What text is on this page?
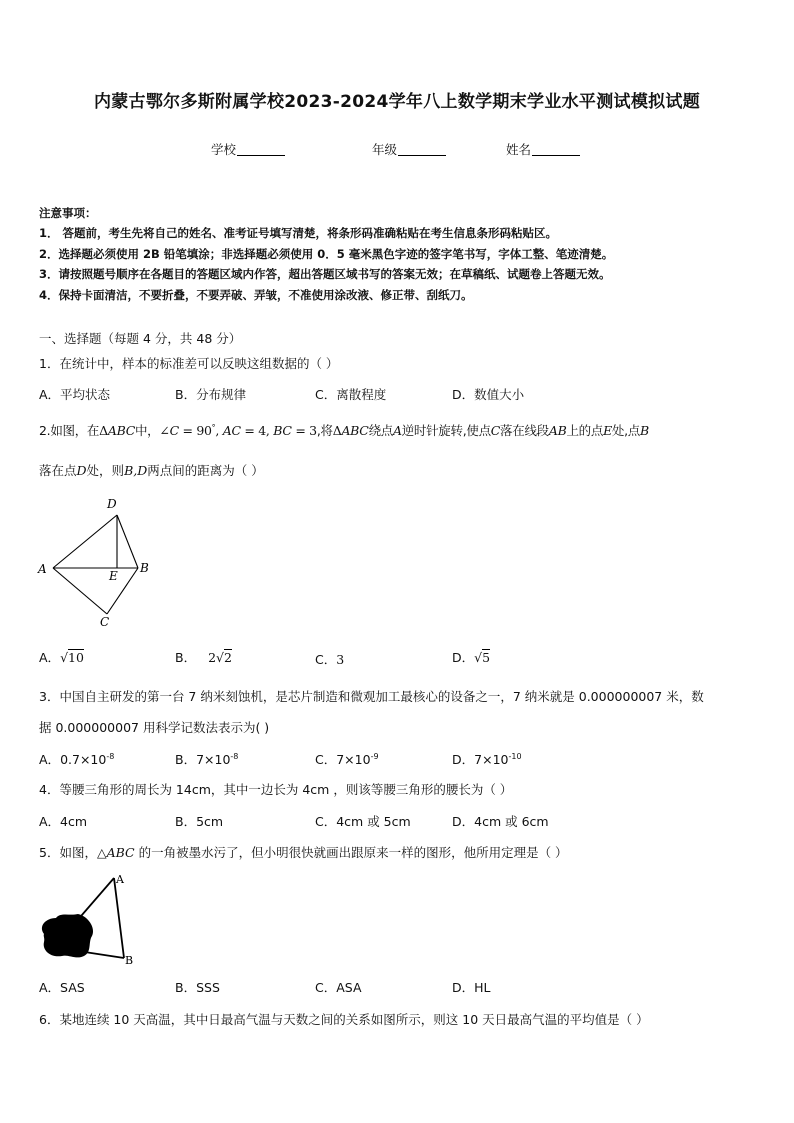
内蒙古鄂尔多斯附属学校2023-2024学年八上数学期末学业水平测试模拟试题
学校	年级	姓名
注意事项：
1． 答题前，考生先将自己的姓名、准考证号填写清楚，将条形码准确粘贴在考生信息条形码粘贴区。
2．选择题必须使用 2B 铅笔填涂；非选择题必须使用 0．5 毫米黑色字迹的签字笔书写，字体工整、笔迹清楚。
3．请按照题号顺序在各题目的答题区域内作答，超出答题区域书写的答案无效；在草稿纸、试题卷上答题无效。
4．保持卡面清洁，不要折叠，不要弄破、弄皱，不准使用涂改液、修正带、刮纸刀。
一、选择题（每题 4 分，共 48 分）
1．在统计中，样本的标准差可以反映这组数据的（ ）
A．平均状态	B．分布规律	C．离散程度	D．数值大小
2.如图，在ΔABC中，∠C = 90°, AC = 4, BC = 3,将ΔABC绕点A逆时针旋转,使点C落在线段AB上的点E处,点B
落在点D处，则B,D两点间的距离为（ ）
D
A	E
B
C
A．√10	B． 2√2	C．3	D．√5
3．中国自主研发的第一台 7 纳米刻蚀机，是芯片制造和微观加工最核心的设备之一，7 纳米就是 0.000000007 米，数
据 0.000000007 用科学记数法表示为( )
A．$0.7\times 10^{-8}$	B．$7\times 10^{-8}$	C．$7\times 10^{-9}$	D．$7\times 10^{-10}$
4．等腰三角形的周长为 14cm，其中一边长为 4cm ，则该等腰三角形的腰长为（ ）
A．4cm	B．5cm	C．4cm 或 5cm	D．4cm 或 6cm
5．如图，△ABC 的一角被墨水污了，但小明很快就画出跟原来一样的图形，他所用定理是（ ）
A
B
A．SAS	B．SSS	C．ASA	D．HL
6．某地连续 10 天高温，其中日最高气温与天数之间的关系如图所示，则这 10 天日最高气温的平均值是（ ）
